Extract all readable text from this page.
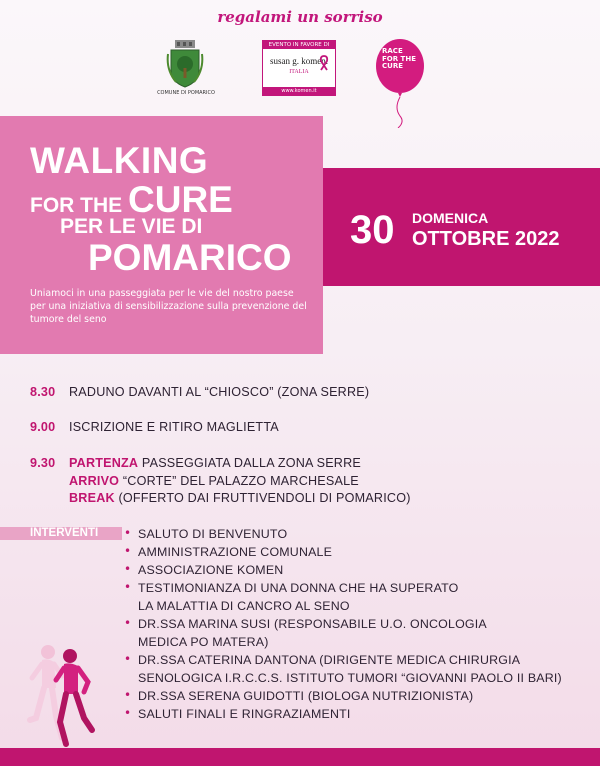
regalami un sorriso
COMUNE DI POMARICO
EVENTO IN FAVORE DI
susan g. komen.
ITALIA
www.komen.it
RACE
FOR THE
CURE
WALKING
FOR THE CURE
PER LE VIE DI
POMARICO
Uniamoci in una passeggiata per le vie del nostro paese per una iniziativa di sensibilizzazione sulla prevenzione del tumore del seno
30 DOMENICA
OTTOBRE 2022
8.30 RADUNO DAVANTI AL “CHIOSCO” (ZONA SERRE)
9.00 ISCRIZIONE E RITIRO MAGLIETTA
9.30 PARTENZA PASSEGGIATA DALLA ZONA SERRE
ARRIVO “CORTE” DEL PALAZZO MARCHESALE
BREAK (OFFERTO DAI FRUTTIVENDOLI DI POMARICO)
INTERVENTI	• SALUTO DI BENVENUTO
• AMMINISTRAZIONE COMUNALE
• ASSOCIAZIONE KOMEN
• TESTIMONIANZA DI UNA DONNA CHE HA SUPERATO
LA MALATTIA DI CANCRO AL SENO
• DR.SSA MARINA SUSI (RESPONSABILE U.O. ONCOLOGIA
MEDICA PO MATERA)
• DR.SSA CATERINA DANTONA (DIRIGENTE MEDICA CHIRURGIA
SENOLOGICA I.R.C.C.S. ISTITUTO TUMORI “GIOVANNI PAOLO II BARI)
• DR.SSA SERENA GUIDOTTI (BIOLOGA NUTRIZIONISTA)
• SALUTI FINALI E RINGRAZIAMENTI
